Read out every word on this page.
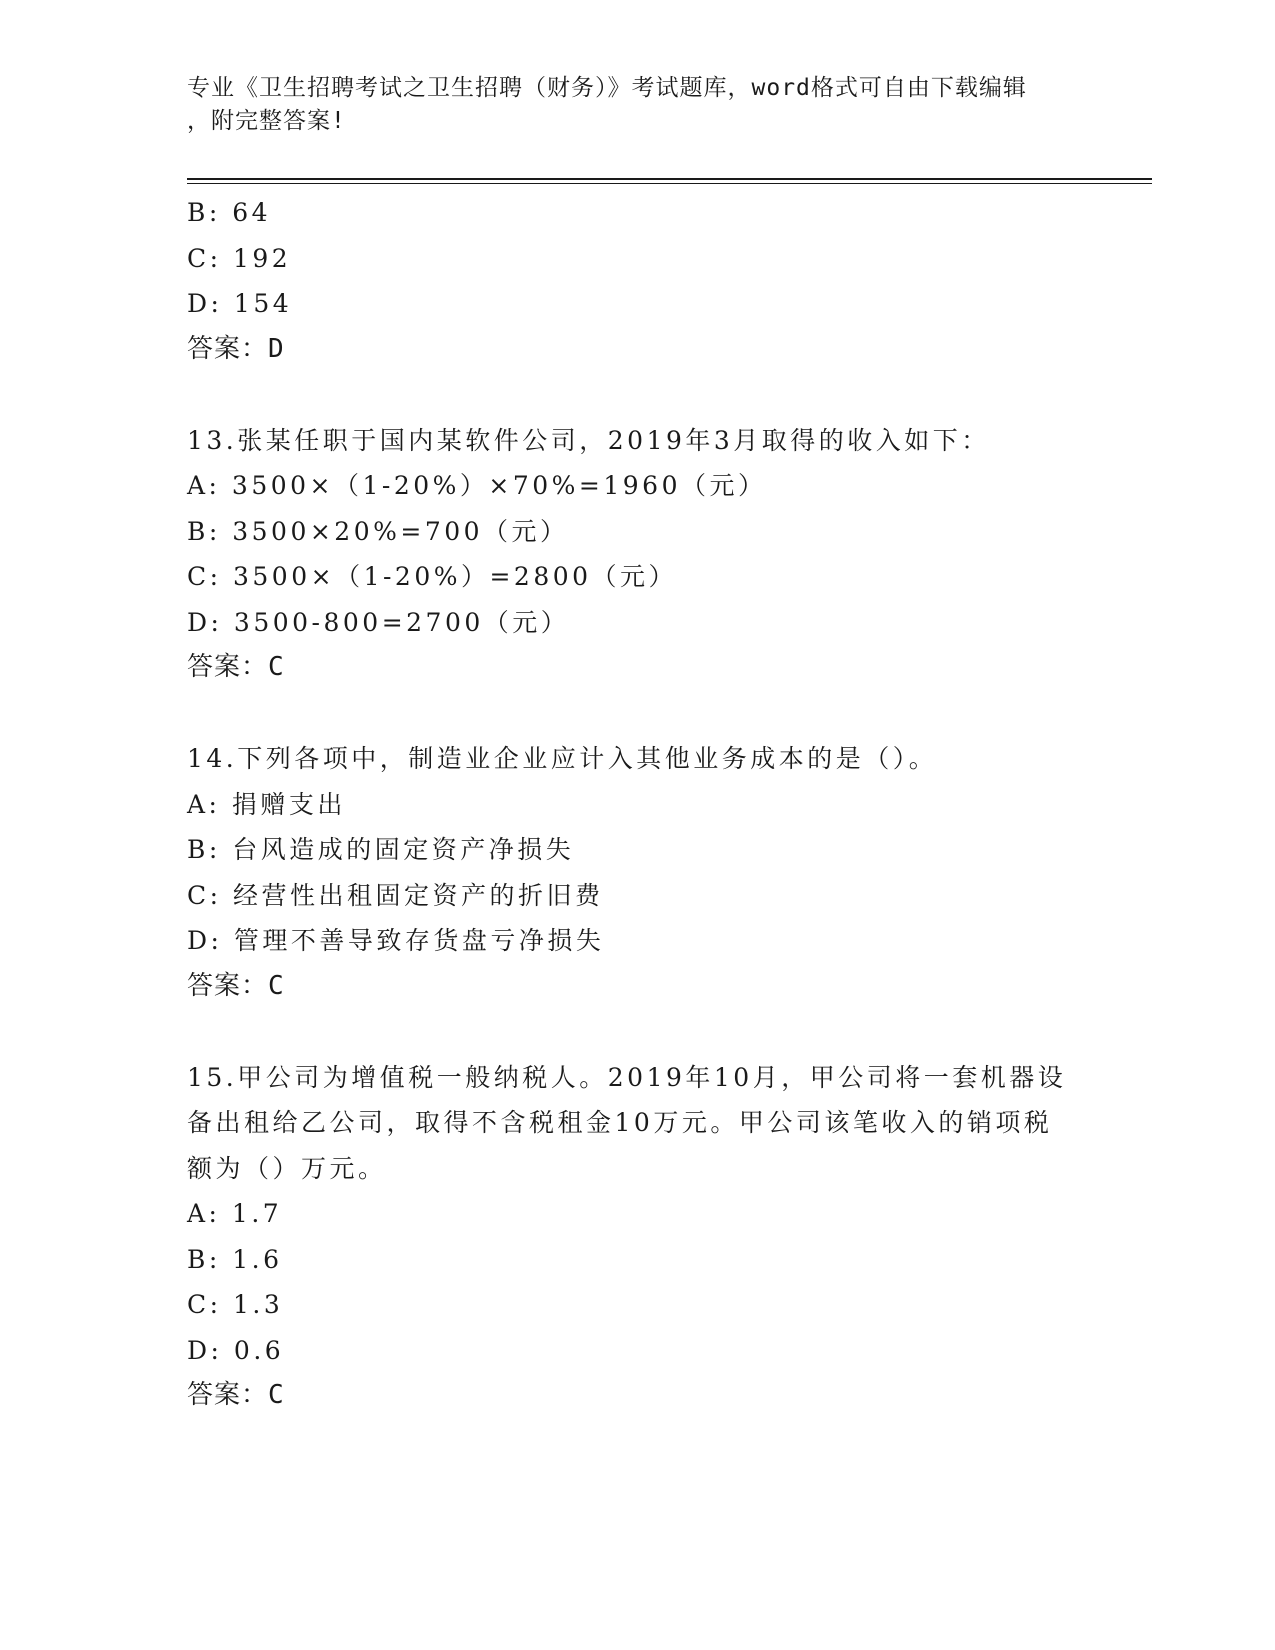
专业《卫生招聘考试之卫生招聘（财务）》考试题库，word格式可自由下载编辑
，附完整答案!
B: 64
C: 192
D: 154
答案：D
13.张某任职于国内某软件公司，2019年3月取得的收入如下：
A: 3500×（1-20%）×70%=1960（元）
B: 3500×20%=700（元）
C: 3500×（1-20%）=2800（元）
D: 3500-800=2700（元）
答案：C
14.下列各项中，制造业企业应计入其他业务成本的是（）。
A: 捐赠支出
B: 台风造成的固定资产净损失
C: 经营性出租固定资产的折旧费
D: 管理不善导致存货盘亏净损失
答案：C
15.甲公司为增值税一般纳税人。2019年10月，甲公司将一套机器设
备出租给乙公司，取得不含税租金10万元。甲公司该笔收入的销项税
额为（）万元。
A: 1.7
B: 1.6
C: 1.3
D: 0.6
答案：C
